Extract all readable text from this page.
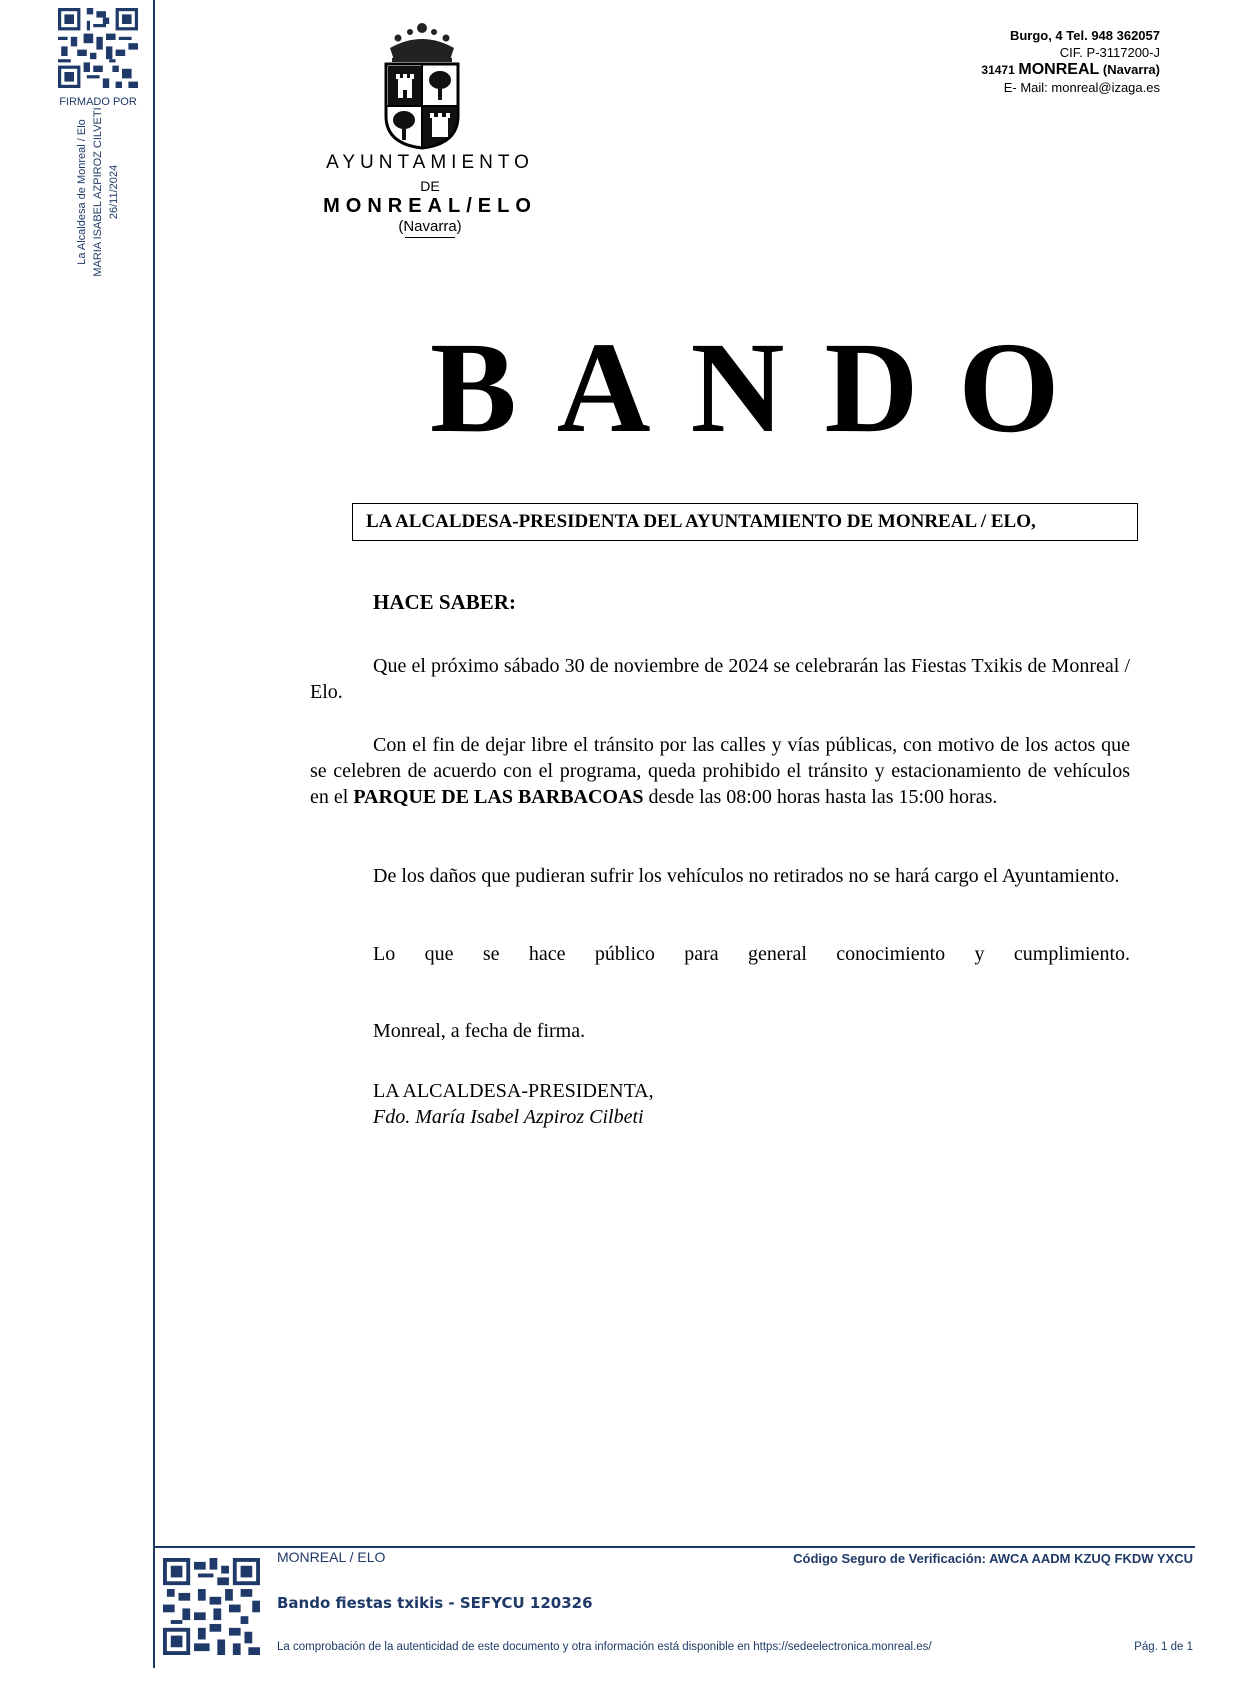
FIRMADO POR
La Alcaldesa de Monreal / Elo MARIA ISABEL AZPIROZ CILVETI 26/11/2024
AYUNTAMIENTO
DE
MONREAL/ELO
(Navarra)
Burgo, 4 Tel. 948 362057
CIF. P-3117200-J
31471 MONREAL (Navarra)
E- Mail: monreal@izaga.es
BANDO
LA ALCALDESA-PRESIDENTA DEL AYUNTAMIENTO DE MONREAL / ELO,
HACE SABER:
Que el próximo sábado 30 de noviembre de 2024 se celebrarán las Fiestas Txikis de Monreal / Elo.
Con el fin de dejar libre el tránsito por las calles y vías públicas, con motivo de los actos que se celebren de acuerdo con el programa, queda prohibido el tránsito y estacionamiento de vehículos en el PARQUE DE LAS BARBACOAS desde las 08:00 horas hasta las 15:00 horas.
De los daños que pudieran sufrir los vehículos no retirados no se hará cargo el Ayuntamiento.
Lo que se hace público para general conocimiento y cumplimiento.
Monreal, a fecha de firma.
LA ALCALDESA-PRESIDENTA,
Fdo. María Isabel Azpiroz Cilbeti
MONREAL / ELO	Código Seguro de Verificación: AWCA AADM KZUQ FKDW YXCU
Bando fiestas txikis - SEFYCU 120326
La comprobación de la autenticidad de este documento y otra información está disponible en https://sedeelectronica.monreal.es/	Pág. 1 de 1
